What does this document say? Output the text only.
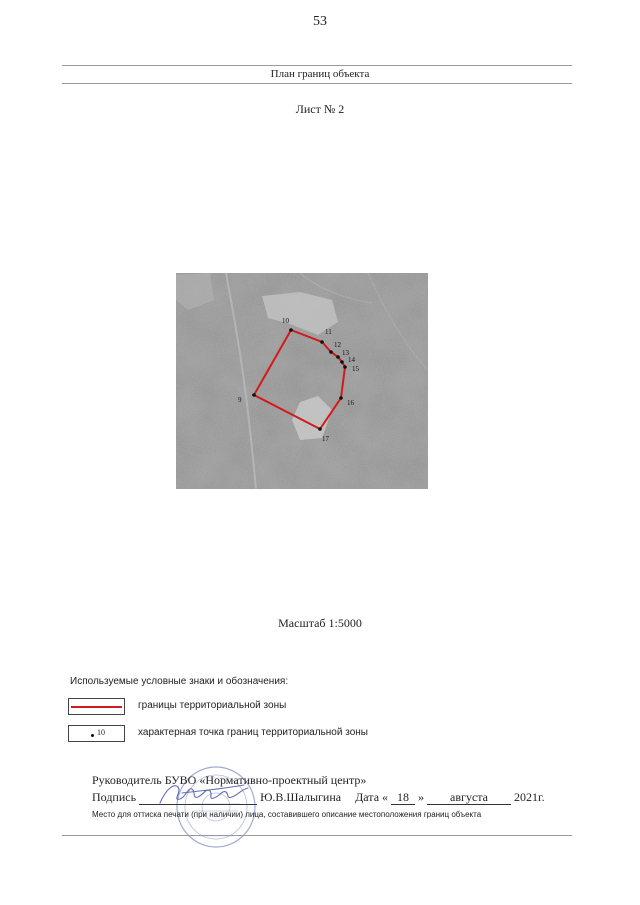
53
План границ объекта
Лист № 2
10
11
12
13
14
15
16
17
9
Масштаб 1:5000
Используемые условные знаки и обозначения:
границы территориальной зоны
10	характерная точка границ территориальной зоны
Руководитель БУВО «Нормативно-проектный центр»
Подпись	Ю.В.Шалыгина Дата « 18 » августа 2021г.
Место для оттиска печати (при наличии) лица, составившего описание местоположения границ объекта
